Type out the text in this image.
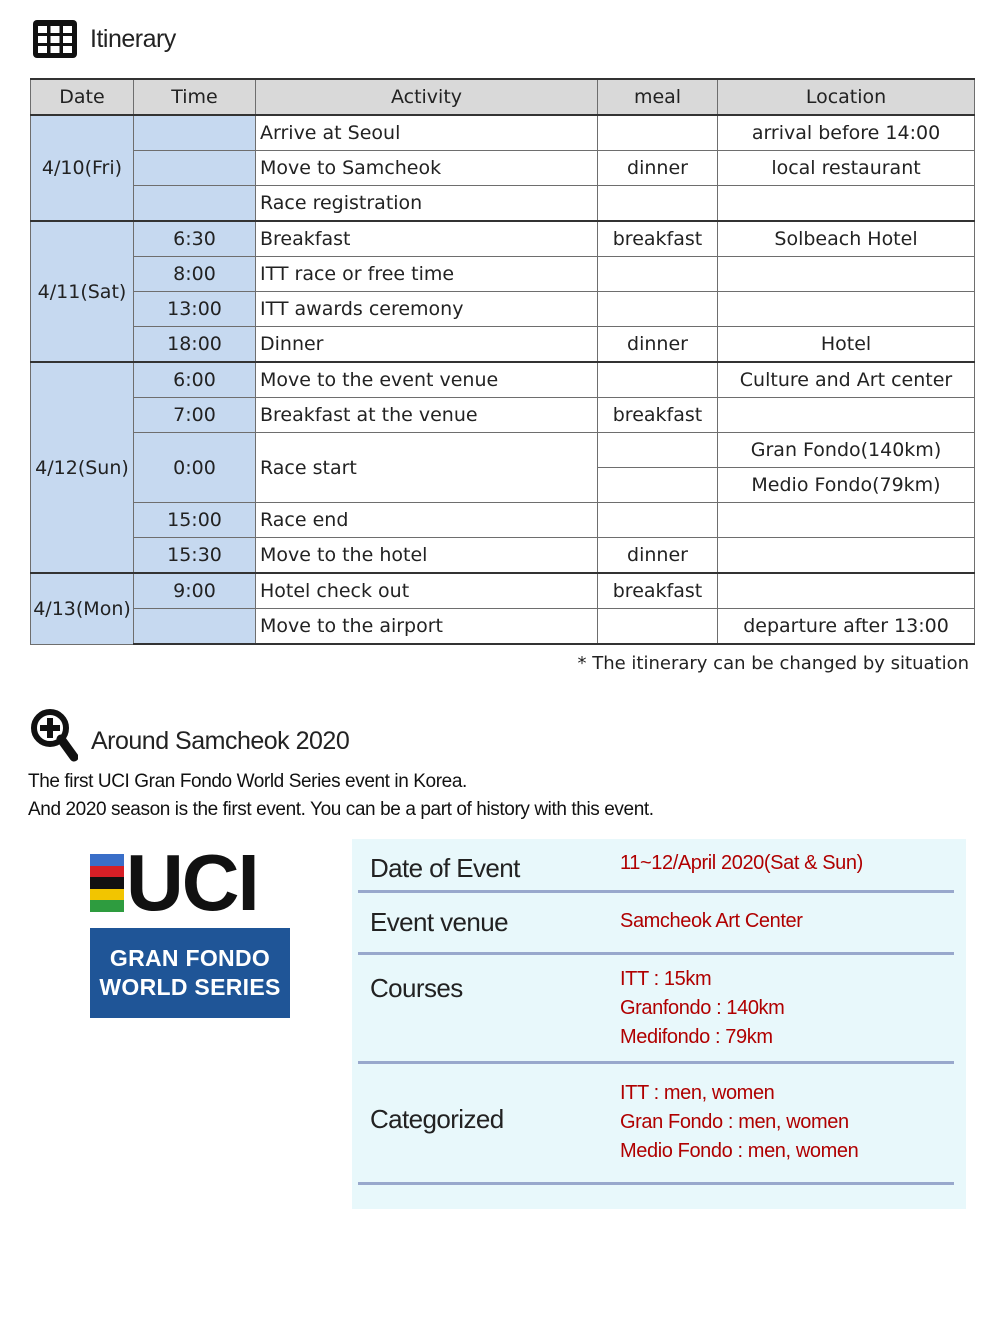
Itinerary
Date	Time	Activity	meal	Location
4/10(Fri)		Arrive at Seoul		arrival before 14:00
		Move to Samcheok	dinner	local restaurant
		Race registration		
4/11(Sat)	6:30	Breakfast	breakfast	Solbeach Hotel
	8:00	ITT race or free time		
	13:00	ITT awards ceremony		
	18:00	Dinner	dinner	Hotel
4/12(Sun)	6:00	Move to the event venue		Culture and Art center
	7:00	Breakfast at the venue	breakfast	
	0:00	Race start		Gran Fondo(140km)
				Medio Fondo(79km)
	15:00	Race end		
	15:30	Move to the hotel	dinner	
4/13(Mon)	9:00	Hotel check out	breakfast	
		Move to the airport		departure after 13:00
* The itinerary can be changed by situation
Around Samcheok 2020
The first UCI Gran Fondo World Series event in Korea.
And 2020 season is the first event. You can be a part of history with this event.
UCI
GRAN FONDO
WORLD SERIES
Date of Event	11~12/April 2020(Sat & Sun)
Event venue	Samcheok Art Center
Courses	ITT : 15km
Granfondo : 140km
Medifondo : 79km
Categorized
ITT : men, women
Gran Fondo : men, women
Medio Fondo : men, women
